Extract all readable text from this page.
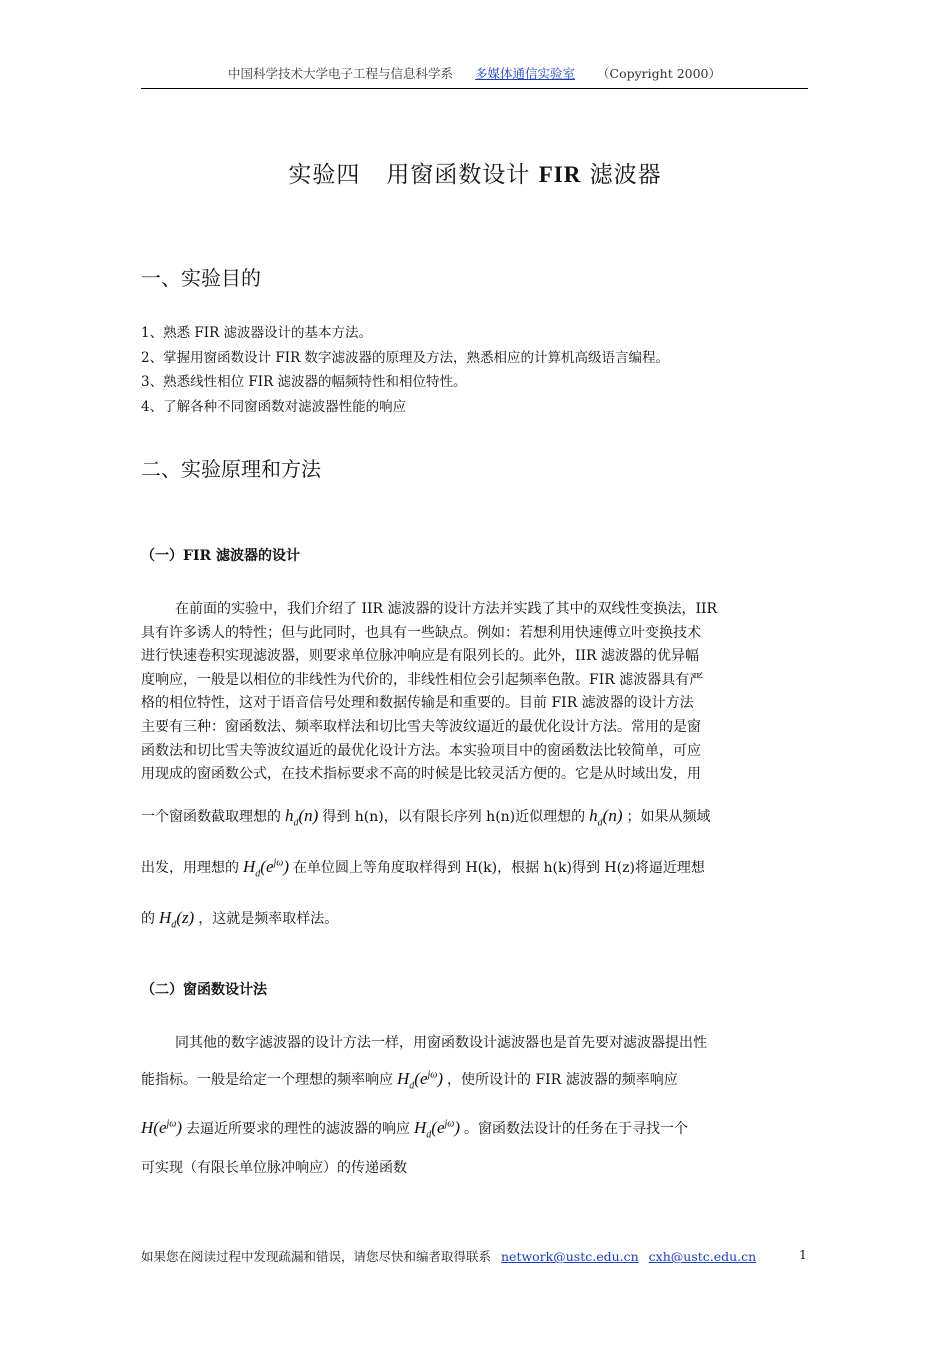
中国科学技术大学电子工程与信息科学系 多媒体通信实验室 （Copyright 2000）
实验四 用窗函数设计 FIR 滤波器
一、实验目的
1、熟悉 FIR 滤波器设计的基本方法。
2、掌握用窗函数设计 FIR 数字滤波器的原理及方法，熟悉相应的计算机高级语言编程。
3、熟悉线性相位 FIR 滤波器的幅频特性和相位特性。
4、了解各种不同窗函数对滤波器性能的响应
二、实验原理和方法
（一）FIR 滤波器的设计
在前面的实验中，我们介绍了 IIR 滤波器的设计方法并实践了其中的双线性变换法，IIR
具有许多诱人的特性；但与此同时，也具有一些缺点。例如：若想利用快速傅立叶变换技术
进行快速卷积实现滤波器，则要求单位脉冲响应是有限列长的。此外，IIR 滤波器的优异幅
度响应，一般是以相位的非线性为代价的，非线性相位会引起频率色散。FIR 滤波器具有严
格的相位特性，这对于语音信号处理和数据传输是和重要的。目前 FIR 滤波器的设计方法
主要有三种：窗函数法、频率取样法和切比雪夫等波纹逼近的最优化设计方法。常用的是窗
函数法和切比雪夫等波纹逼近的最优化设计方法。本实验项目中的窗函数法比较简单，可应
用现成的窗函数公式，在技术指标要求不高的时候是比较灵活方便的。它是从时域出发，用
一个窗函数截取理想的 $h_d(n)$ 得到 h(n)，以有限长序列 h(n)近似理想的 $h_d(n)$ ；如果从频域
出发，用理想的 $H_d(e^{j\omega})$ 在单位圆上等角度取样得到 H(k)，根据 h(k)得到 H(z)将逼近理想
的 $H_d(z)$ ，这就是频率取样法。
（二）窗函数设计法
同其他的数字滤波器的设计方法一样，用窗函数设计滤波器也是首先要对滤波器提出性
能指标。一般是给定一个理想的频率响应 $H_d(e^{j\omega})$ ，使所设计的 FIR 滤波器的频率响应
$H(e^{j\omega})$ 去逼近所要求的理性的滤波器的响应 $H_d(e^{j\omega})$ 。窗函数法设计的任务在于寻找一个
可实现（有限长单位脉冲响应）的传递函数
如果您在阅读过程中发现疏漏和错误，请您尽快和编者取得联系 network@ustc.edu.cn cxh@ustc.edu.cn	1
